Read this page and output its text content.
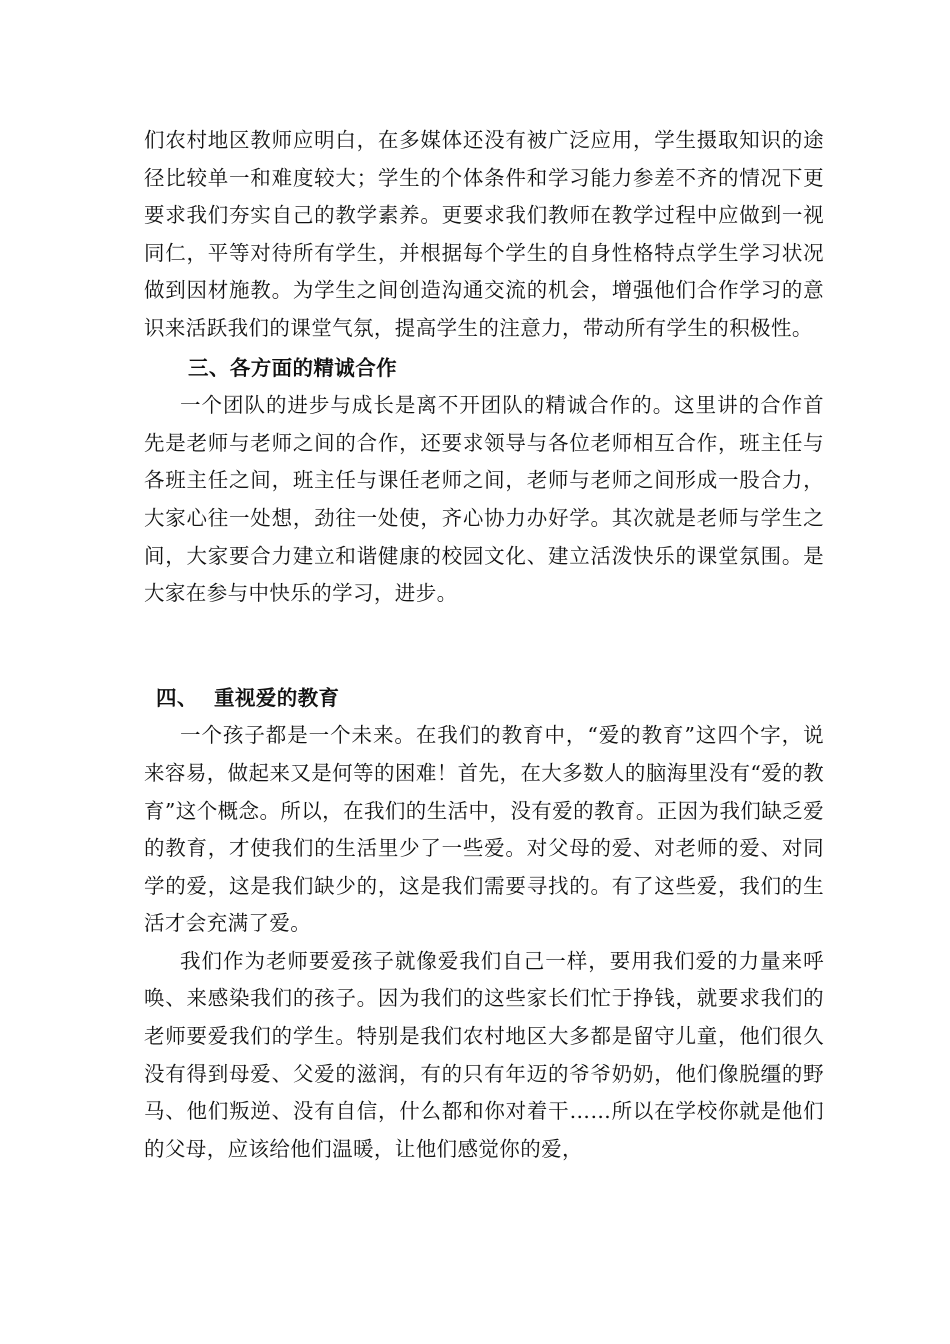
们农村地区教师应明白，在多媒体还没有被广泛应用，学生摄取知识的途径比较单一和难度较大；学生的个体条件和学习能力参差不齐的情况下更要求我们夯实自己的教学素养。更要求我们教师在教学过程中应做到一视同仁，平等对待所有学生，并根据每个学生的自身性格特点学生学习状况做到因材施教。为学生之间创造沟通交流的机会，增强他们合作学习的意识来活跃我们的课堂气氛，提高学生的注意力，带动所有学生的积极性。

三、各方面的精诚合作

一个团队的进步与成长是离不开团队的精诚合作的。这里讲的合作首先是老师与老师之间的合作，还要求领导与各位老师相互合作，班主任与各班主任之间，班主任与课任老师之间，老师与老师之间形成一股合力，大家心往一处想，劲往一处使，齐心协力办好学。其次就是老师与学生之间，大家要合力建立和谐健康的校园文化、建立活泼快乐的课堂氛围。是大家在参与中快乐的学习，进步。

四、 重视爱的教育

一个孩子都是一个未来。在我们的教育中，“爱的教育”这四个字，说来容易，做起来又是何等的困难！首先，在大多数人的脑海里没有“爱的教育”这个概念。所以，在我们的生活中，没有爱的教育。正因为我们缺乏爱的教育，才使我们的生活里少了一些爱。对父母的爱、对老师的爱、对同学的爱，这是我们缺少的，这是我们需要寻找的。有了这些爱，我们的生活才会充满了爱。

我们作为老师要爱孩子就像爱我们自己一样，要用我们爱的力量来呼唤、来感染我们的孩子。因为我们的这些家长们忙于挣钱，就要求我们的老师要爱我们的学生。特别是我们农村地区大多都是留守儿童，他们很久没有得到母爱、父爱的滋润，有的只有年迈的爷爷奶奶，他们像脱缰的野马、他们叛逆、没有自信，什么都和你对着干……所以在学校你就是他们的父母，应该给他们温暖，让他们感觉你的爱，
